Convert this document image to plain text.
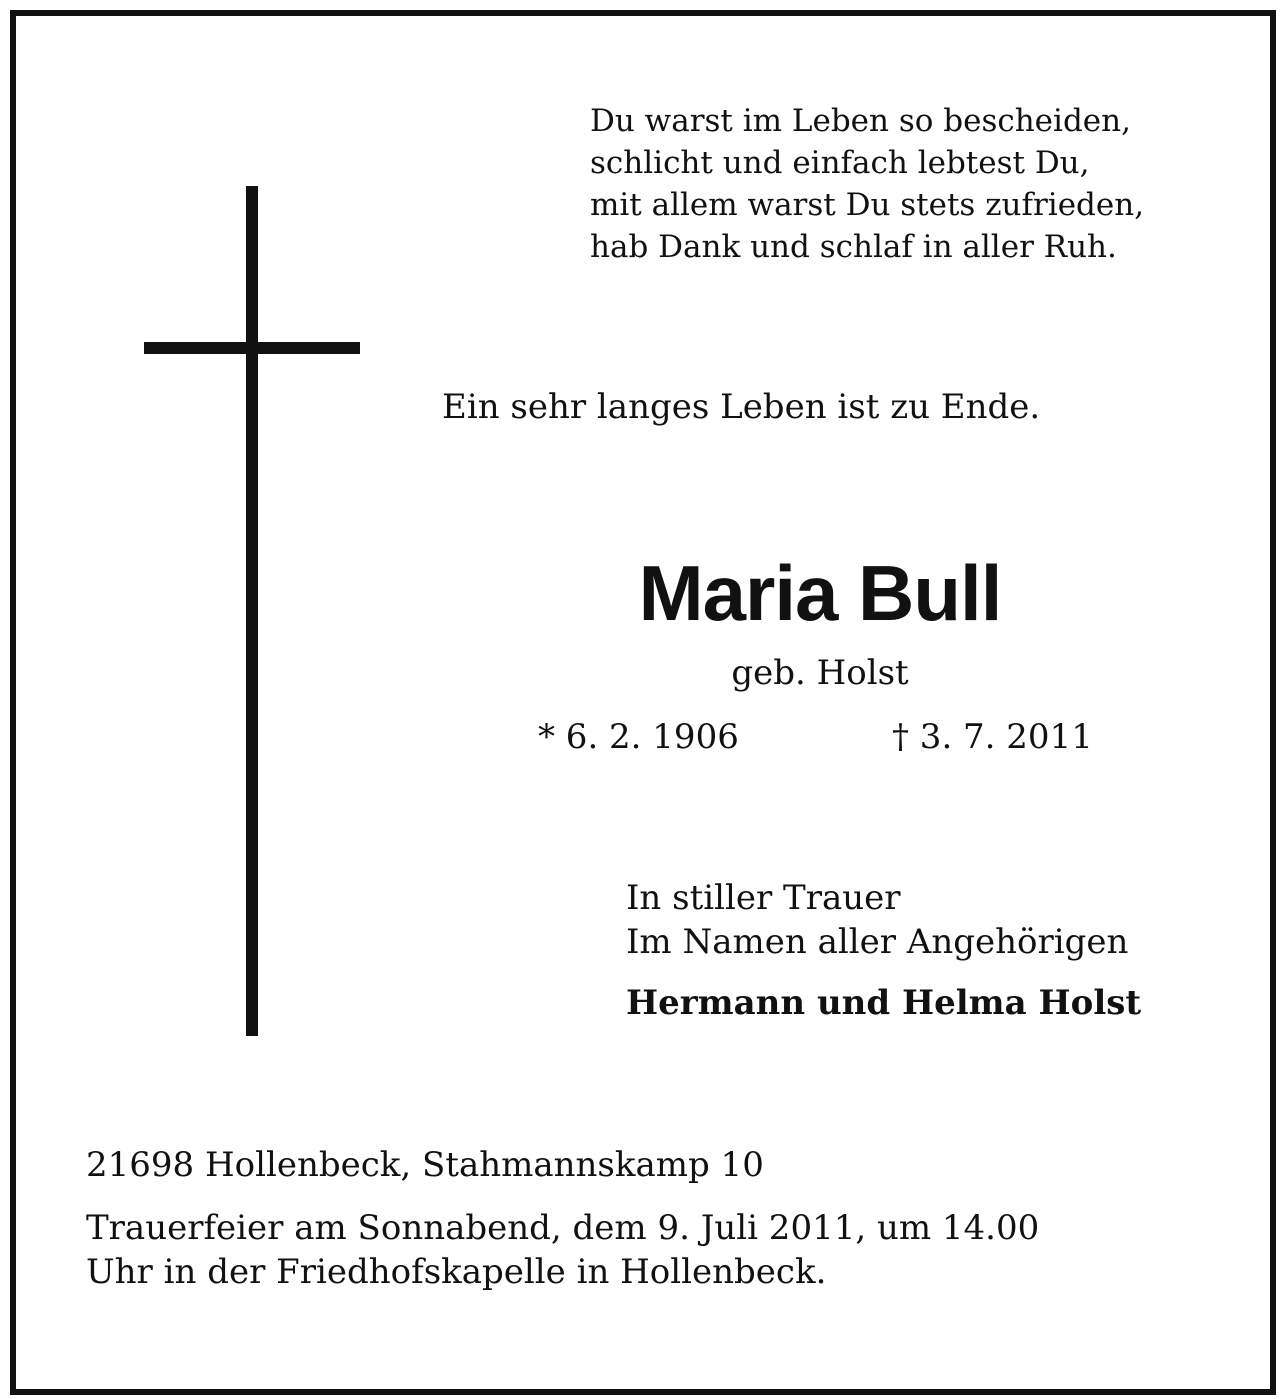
Du warst im Leben so bescheiden,
schlicht und einfach lebtest Du,
mit allem warst Du stets zufrieden,
hab Dank und schlaf in aller Ruh.
Ein sehr langes Leben ist zu Ende.
Maria Bull
geb. Holst
* 6. 2. 1906	† 3. 7. 2011
In stiller Trauer
Im Namen aller Angehörigen
Hermann und Helma Holst
21698 Hollenbeck, Stahmannskamp 10
Trauerfeier am Sonnabend, dem 9. Juli 2011, um 14.00
Uhr in der Friedhofskapelle in Hollenbeck.
